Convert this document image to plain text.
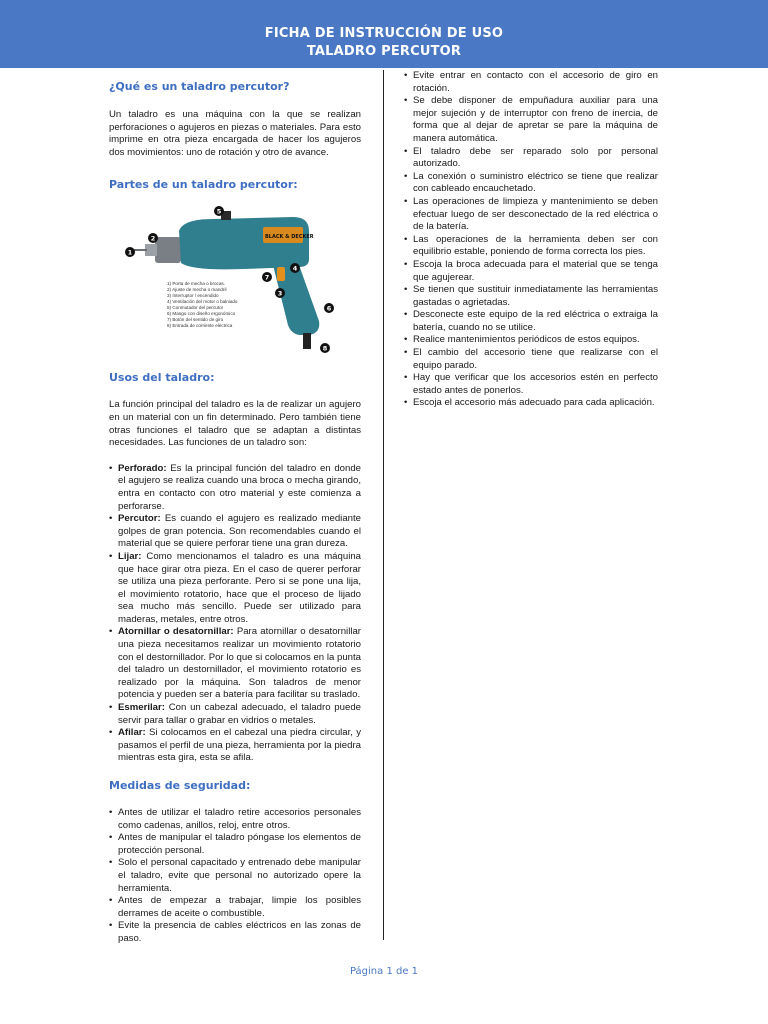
FICHA DE INSTRUCCIÓN DE USO
TALADRO PERCUTOR
¿Qué es un taladro percutor?

Un taladro es una máquina con la que se realizan perforaciones o agujeros en piezas o materiales. Para esto imprime en otra pieza encargada de hacer los agujeros dos movimientos: uno de rotación y otro de avance.

Partes de un taladro percutor:
BLACK & DECKER
1
2
3
4
5
6
7
8
1) Porta de mecha o brocas.
2) Ajuste de mecha o mandril
3) Interruptor / encendido
4) Ventilación del motor o balniado
5) Conmutador del percutor
6) Mango con diseño ergonómico
7) Botón del sentido de giro
8) Entrada de corriente eléctrica
Usos del taladro:

La función principal del taladro es la de realizar un agujero en un material con un fin determinado. Pero también tiene otras funciones el taladro que se adaptan a distintas necesidades. Las funciones de un taladro son:

• Perforado: Es la principal función del taladro en donde el agujero se realiza cuando una broca o mecha girando, entra en contacto con otro material y este comienza a perforarse.
• Percutor: Es cuando el agujero es realizado mediante golpes de gran potencia. Son recomendables cuando el material que se quiere perforar tiene una gran dureza.
• Lijar: Como mencionamos el taladro es una máquina que hace girar otra pieza. En el caso de querer perforar se utiliza una pieza perforante. Pero si se pone una lija, el movimiento rotatorio, hace que el proceso de lijado sea mucho más sencillo. Puede ser utilizado para maderas, metales, entre otros.
• Atornillar o desatornillar: Para atornillar o desatornillar una pieza necesitamos realizar un movimiento rotatorio con el destornillador. Por lo que si colocamos en la punta del taladro un destornillador, el movimiento rotatorio es realizado por la máquina. Son taladros de menor potencia y pueden ser a batería para facilitar su traslado.
• Esmerilar: Con un cabezal adecuado, el taladro puede servir para tallar o grabar en vidrios o metales.
• Afilar: Si colocamos en el cabezal una piedra circular, y pasamos el perfil de una pieza, herramienta por la piedra mientras esta gira, esta se afila.
Medidas de seguridad:
• Antes de utilizar el taladro retire accesorios personales como cadenas, anillos, reloj, entre otros.
• Antes de manipular el taladro póngase los elementos de protección personal.
• Solo el personal capacitado y entrenado debe manipular el taladro, evite que personal no autorizado opere la herramienta.
• Antes de empezar a trabajar, limpie los posibles derrames de aceite o combustible.
• Evite la presencia de cables eléctricos en las zonas de paso.
• Evite entrar en contacto con el accesorio de giro en rotación.
• Se debe disponer de empuñadura auxiliar para una mejor sujeción y de interruptor con freno de inercia, de forma que al dejar de apretar se pare la máquina de manera automática.
• El taladro debe ser reparado solo por personal autorizado.
• La conexión o suministro eléctrico se tiene que realizar con cableado encauchetado.
• Las operaciones de limpieza y mantenimiento se deben efectuar luego de ser desconectado de la red eléctrica o de la batería.
• Las operaciones de la herramienta deben ser con equilibrio estable, poniendo de forma correcta los pies.
• Escoja la broca adecuada para el material que se tenga que agujerear.
• Se tienen que sustituir inmediatamente las herramientas gastadas o agrietadas.
• Desconecte este equipo de la red eléctrica o extraiga la batería, cuando no se utilice.
• Realice mantenimientos periódicos de estos equipos.
• El cambio del accesorio tiene que realizarse con el equipo parado.
• Hay que verificar que los accesorios estén en perfecto estado antes de ponerlos.
• Escoja el accesorio más adecuado para cada aplicación.
Página 1 de 1
